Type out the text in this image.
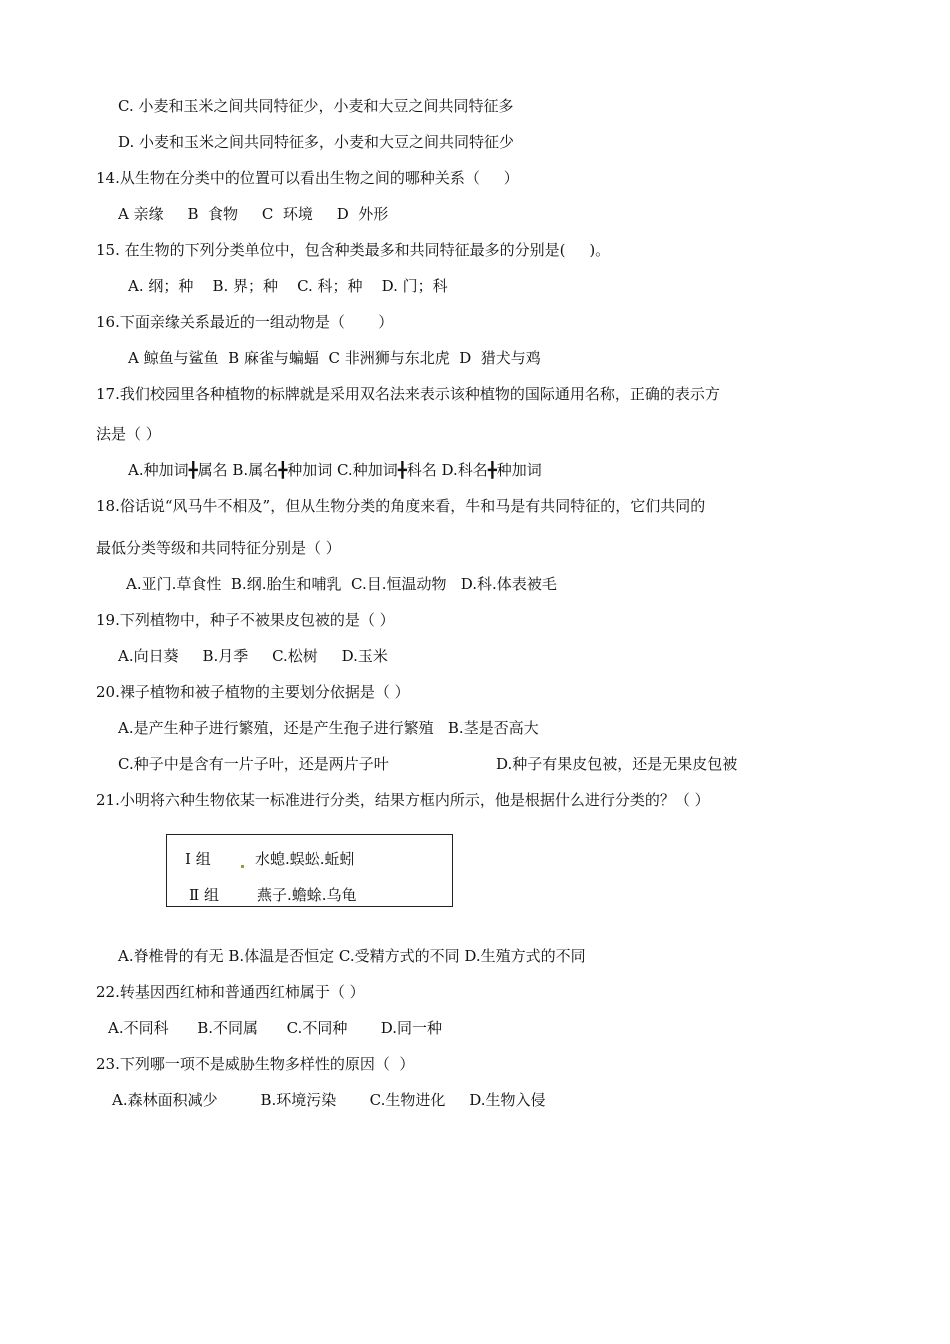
C. 小麦和玉米之间共同特征少，小麦和大豆之间共同特征多
D. 小麦和玉米之间共同特征多，小麦和大豆之间共同特征少
14.从生物在分类中的位置可以看出生物之间的哪种关系（     ）
A 亲缘     B  食物     C  环境     D  外形
15. 在生物的下列分类单位中，包含种类最多和共同特征最多的分别是(     )。
A. 纲；种    B. 界；种    C. 科；种    D. 门；科
16.下面亲缘关系最近的一组动物是（       ）
A 鲸鱼与鲨鱼  B 麻雀与蝙蝠  C 非洲狮与东北虎  D  猎犬与鸡
17.我们校园里各种植物的标牌就是采用双名法来表示该种植物的国际通用名称，正确的表示方
法是（ ）
A.种加词╋属名 B.属名╋种加词 C.种加词╋科名 D.科名╋种加词
18.俗话说“风马牛不相及”，但从生物分类的角度来看，牛和马是有共同特征的，它们共同的
最低分类等级和共同特征分别是（ ）
A.亚门.草食性  B.纲.胎生和哺乳  C.目.恒温动物   D.科.体表被毛
19.下列植物中，种子不被果皮包被的是（ ）
A.向日葵     B.月季     C.松树     D.玉米
20.裸子植物和被子植物的主要划分依据是（ ）
A.是产生种子进行繁殖，还是产生孢子进行繁殖   B.茎是否高大
C.种子中是含有一片子叶，还是两片子叶	D.种子有果皮包被，还是无果皮包被
21.小明将六种生物依某一标准进行分类，结果方框内所示，他是根据什么进行分类的？（ ）
Ⅰ 组	水螅.蜈蚣.蚯蚓
Ⅱ 组	燕子.蟾蜍.乌龟
A.脊椎骨的有无 B.体温是否恒定 C.受精方式的不同 D.生殖方式的不同
22.转基因西红柿和普通西红柿属于（ ）
A.不同科      B.不同属      C.不同种       D.同一种
23.下列哪一项不是威胁生物多样性的原因（  ）
A.森林面积减少         B.环境污染       C.生物进化     D.生物入侵
